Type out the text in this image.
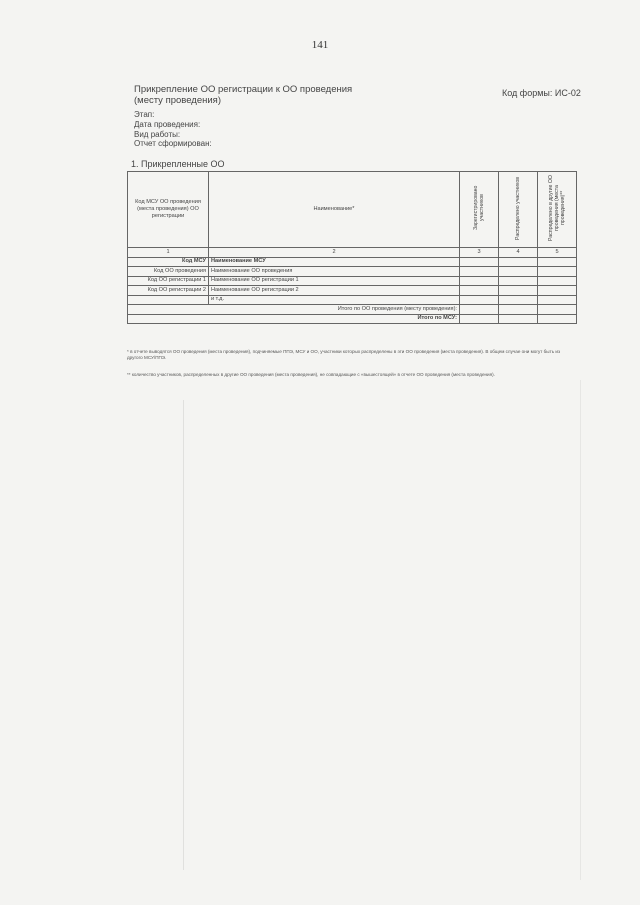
141
Прикрепление ОО регистрации к ОО проведения
(месту проведения)
Код формы: ИС-02
Этап:
Дата проведения:
Вид работы:
Отчет сформирован:
1. Прикрепленные ОО
Код МСУ ОО проведения (места проведения) ОО регистрации	Наименование*	Зарегистрировано участников	Распределено участников	Распределено в другие ОО проведения (места проведения)**
1	2	3	4	5
Код МСУ	Наименование МСУ			
Код ОО проведения	Наименование ОО проведения			
Код ОО регистрации 1	Наименование ОО регистрации 1			
Код ОО регистрации 2	Наименование ОО регистрации 2			
	и т.д.			
Итого по ОО проведения (месту проведения):				
Итого по МСУ:				
* в отчете выводятся ОО проведения (места проведения), подчиняемые ППЭ, МСУ и ОО, участники которых распределены в эти ОО проведения (места проведения). В общем случае они могут быть из другого МСУ/ППЭ.
** количество участников, распределенных в другие ОО проведения (места проведения), не совпадающие с «вышестоящей» в отчете ОО проведения (места проведения).
